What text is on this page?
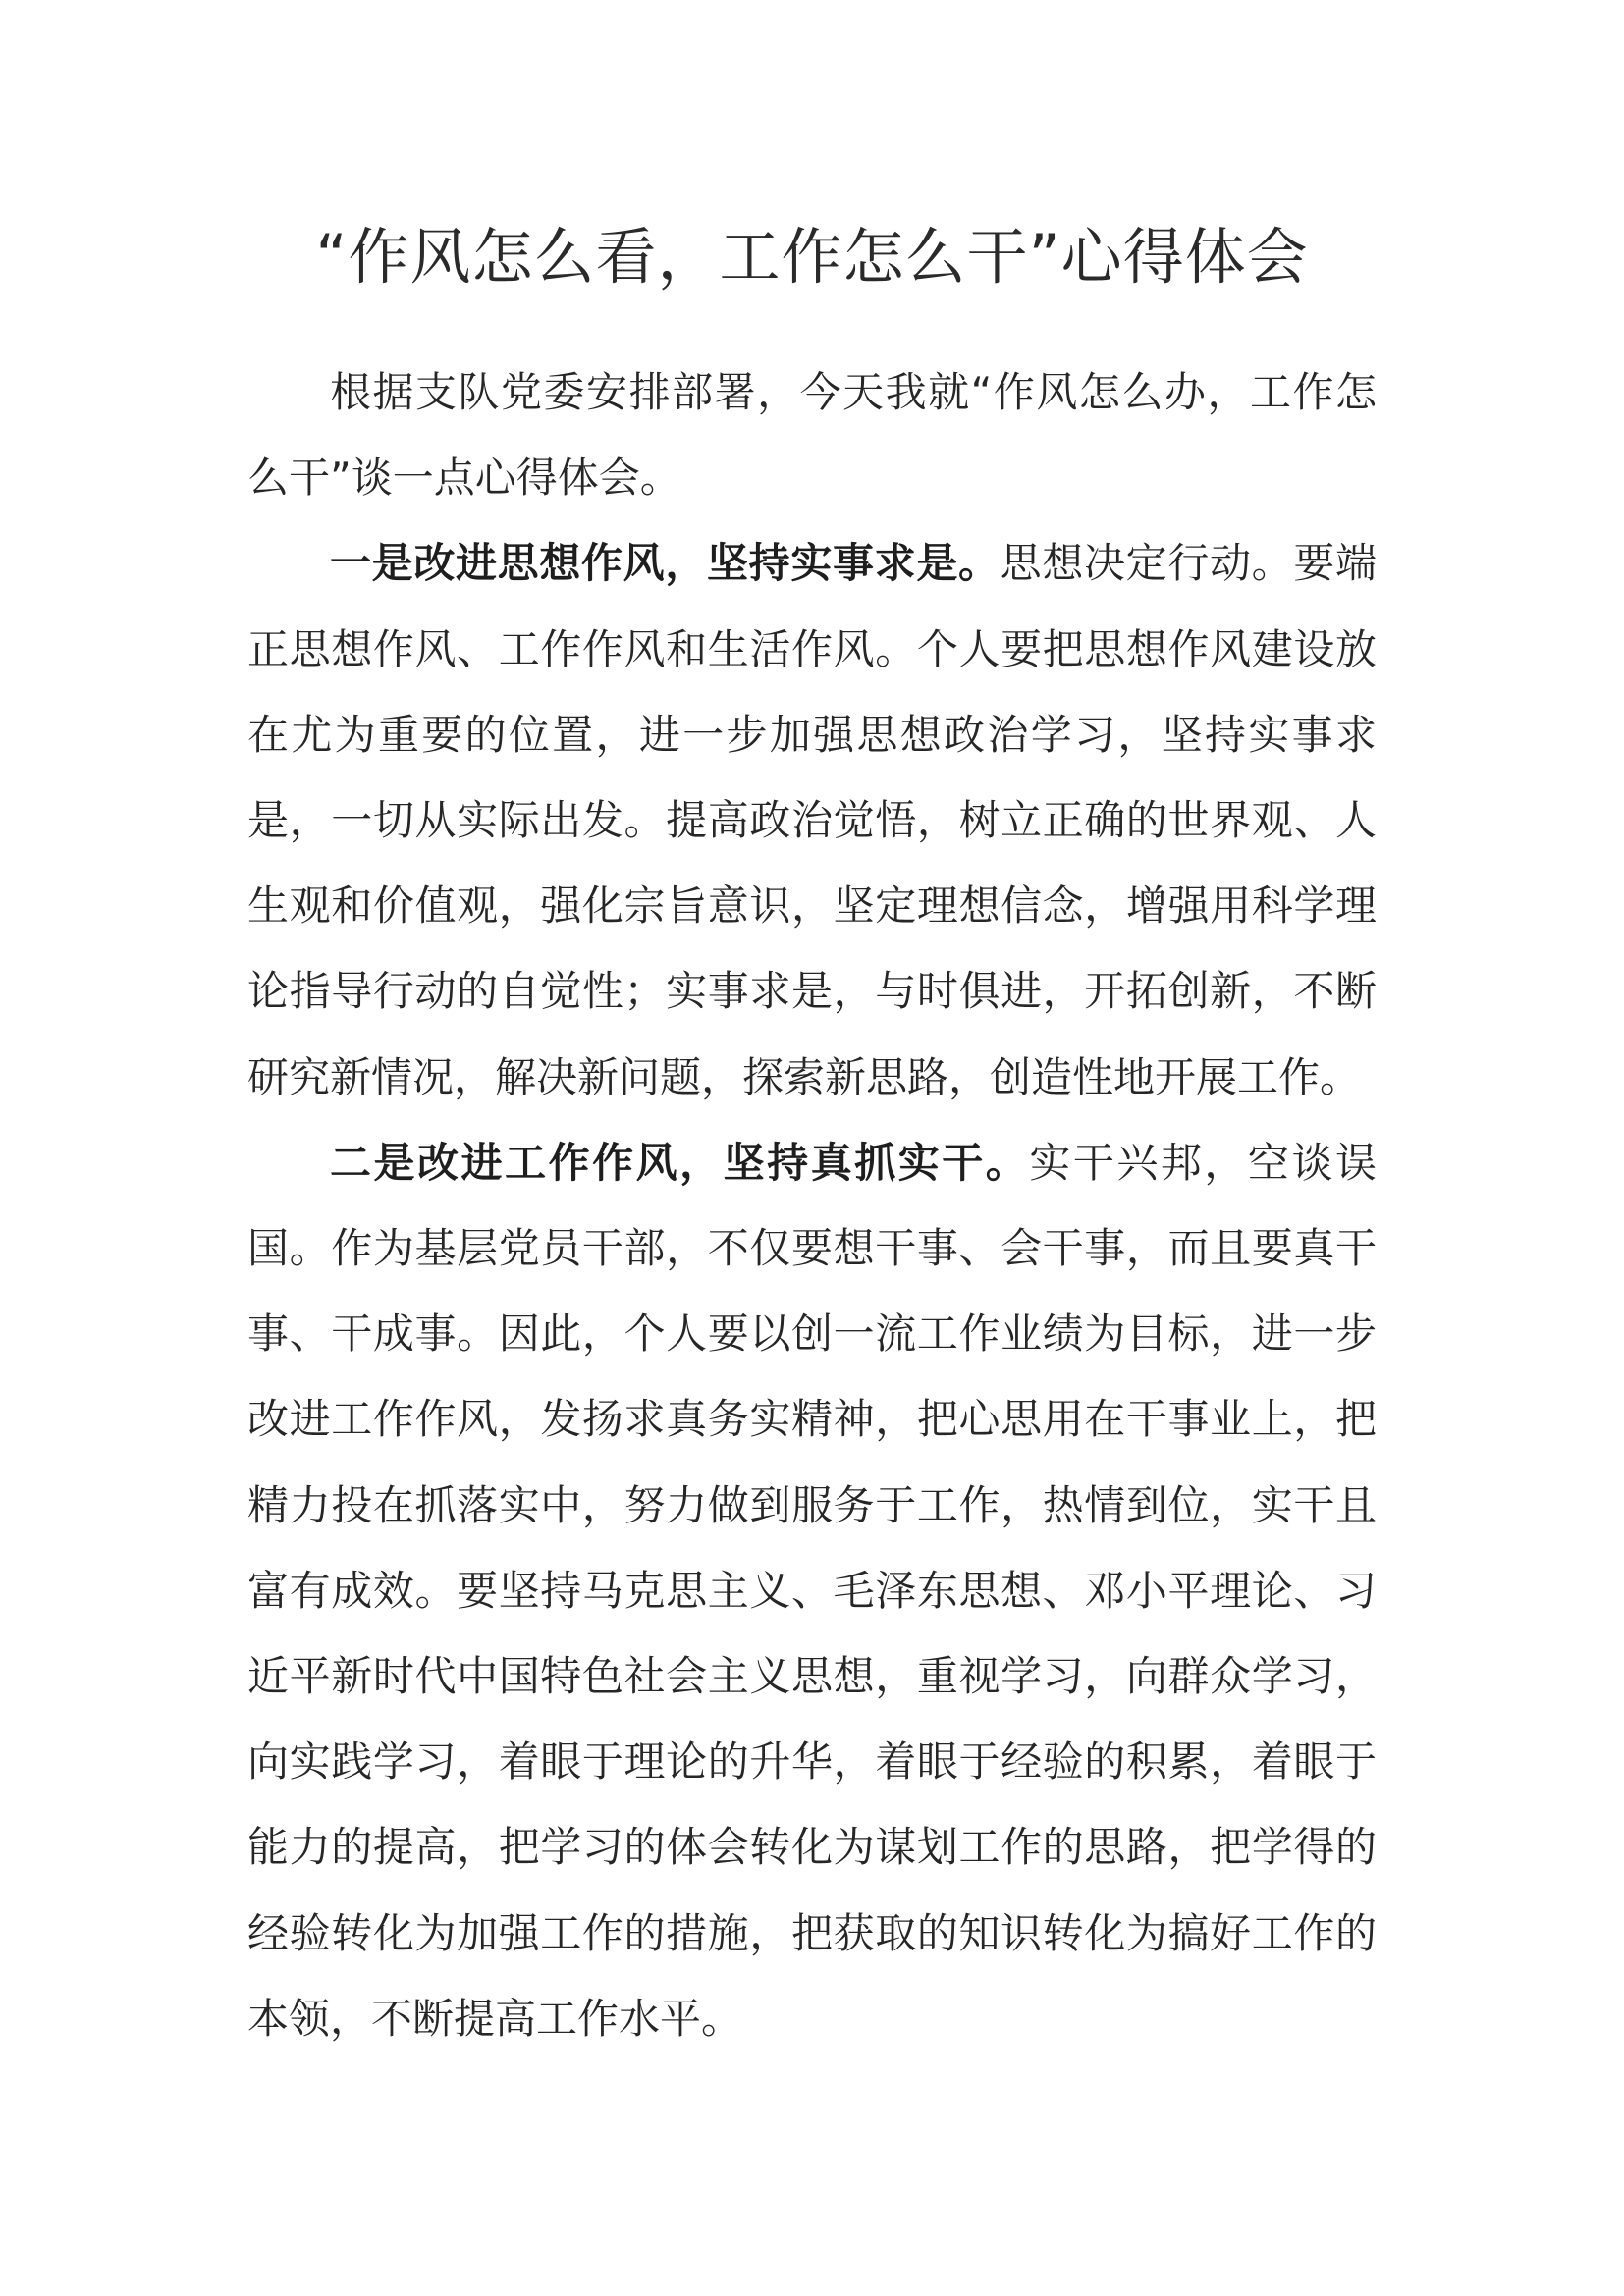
“作风怎么看，工作怎么干”心得体会

根据支队党委安排部署，今天我就“作风怎么办，工作怎么干”谈一点心得体会。

一是改进思想作风，坚持实事求是。思想决定行动。要端正思想作风、工作作风和生活作风。个人要把思想作风建设放在尤为重要的位置，进一步加强思想政治学习，坚持实事求是，一切从实际出发。提高政治觉悟，树立正确的世界观、人生观和价值观，强化宗旨意识，坚定理想信念，增强用科学理论指导行动的自觉性；实事求是，与时俱进，开拓创新，不断研究新情况，解决新问题，探索新思路，创造性地开展工作。

二是改进工作作风，坚持真抓实干。实干兴邦，空谈误国。作为基层党员干部，不仅要想干事、会干事，而且要真干事、干成事。因此，个人要以创一流工作业绩为目标，进一步改进工作作风，发扬求真务实精神，把心思用在干事业上，把精力投在抓落实中，努力做到服务于工作，热情到位，实干且富有成效。要坚持马克思主义、毛泽东思想、邓小平理论、习近平新时代中国特色社会主义思想，重视学习，向群众学习，向实践学习，着眼于理论的升华，着眼于经验的积累，着眼于能力的提高，把学习的体会转化为谋划工作的思路，把学得的经验转化为加强工作的措施，把获取的知识转化为搞好工作的本领，不断提高工作水平。
